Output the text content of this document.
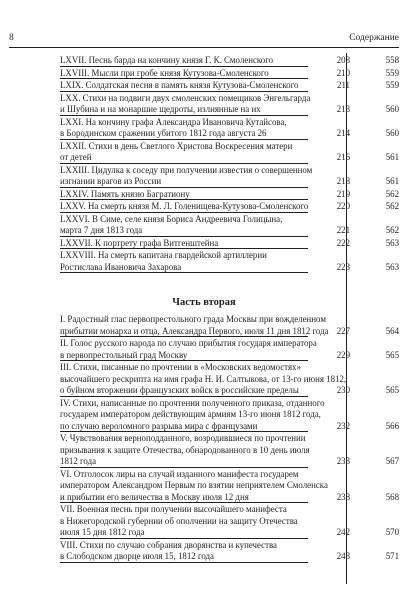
8	Содержание
LXVII. Песнь барда на кончину князя Г. К. Смоленского	208	558
LXVIII. Мысли при гробе князя Кутузова-Смоленского	210	559
LXIX. Солдатская песня в память князя Кутузова-Смоленского	211	559
LXX. Стихи на подвиги двух смоленских помещиков Энгельгарда
и Шубина и на монаршие щедроты, излиянные на их	213	560
LXXI. На кончину графа Александра Ивановича Кутайсова,
в Бородинском сражении убитого 1812 года августа 26	214	560
LXXII. Стихи в день Светлого Христова Воскресения матери
от детей	216	561
LXXIII. Цидулка к соседу при получении известия о совершенном
изгнании врагов из России	218	561
LXXIV. Память князю Багратиону	219	562
LXXV. На смерть князя М. Л. Голенищева-Кутузова-Смоленского	220	562
LXXVI. В Симе, селе князя Бориса Андреевича Голицына,
марта 7 дня 1813 года	221	562
LXXVII. К портрету графа Витгенштейна	222	563
LXXVIII. На смерть капитана гвардейской артиллерии
Ростислава Ивановича Захарова	223	563
Часть вторая
I. Радостный глас первопрестольного града Москвы при вожделенном
прибытии монарха и отца, Александра Первого, июля 11 дня 1812 года 227	564
II. Голос русского народа по случаю прибытия государя императора
в первопрестольный град Москву	229	565
III. Стихи, писанные по прочтении в «Московских ведомостях»
высочайшего рескрипта на имя графа Н. И. Салтыкова, от 13-го июня 1812,
о буйном вторжении французских войск в российские пределы	230	565
IV. Стихи, написанные по прочтении полученного приказа, отданного
государем императором действующим армиям 13-го июня 1812 года,
по случаю вероломного разрыва мира с французами	232	566
V. Чувствования верноподданного, возродившиеся по прочтении
призывания к защите Отечества, обнародованного в 10 день июля
1812 года	233	567
VI. Отголосок лиры на случай изданного манифеста государем
императором Александром Первым по взятии неприятелем Смоленска
и прибытии его величества в Москву июля 12 дня	238	568
VII. Военная песнь при получении высочайшего манифеста
в Нижегородской губернии об ополчении на защиту Отечества
июля 15 дня 1812 года	242	570
VIII. Стихи по случаю собрания дворянства и купечества
в Слободском дворце июля 15, 1812 года	243	571
